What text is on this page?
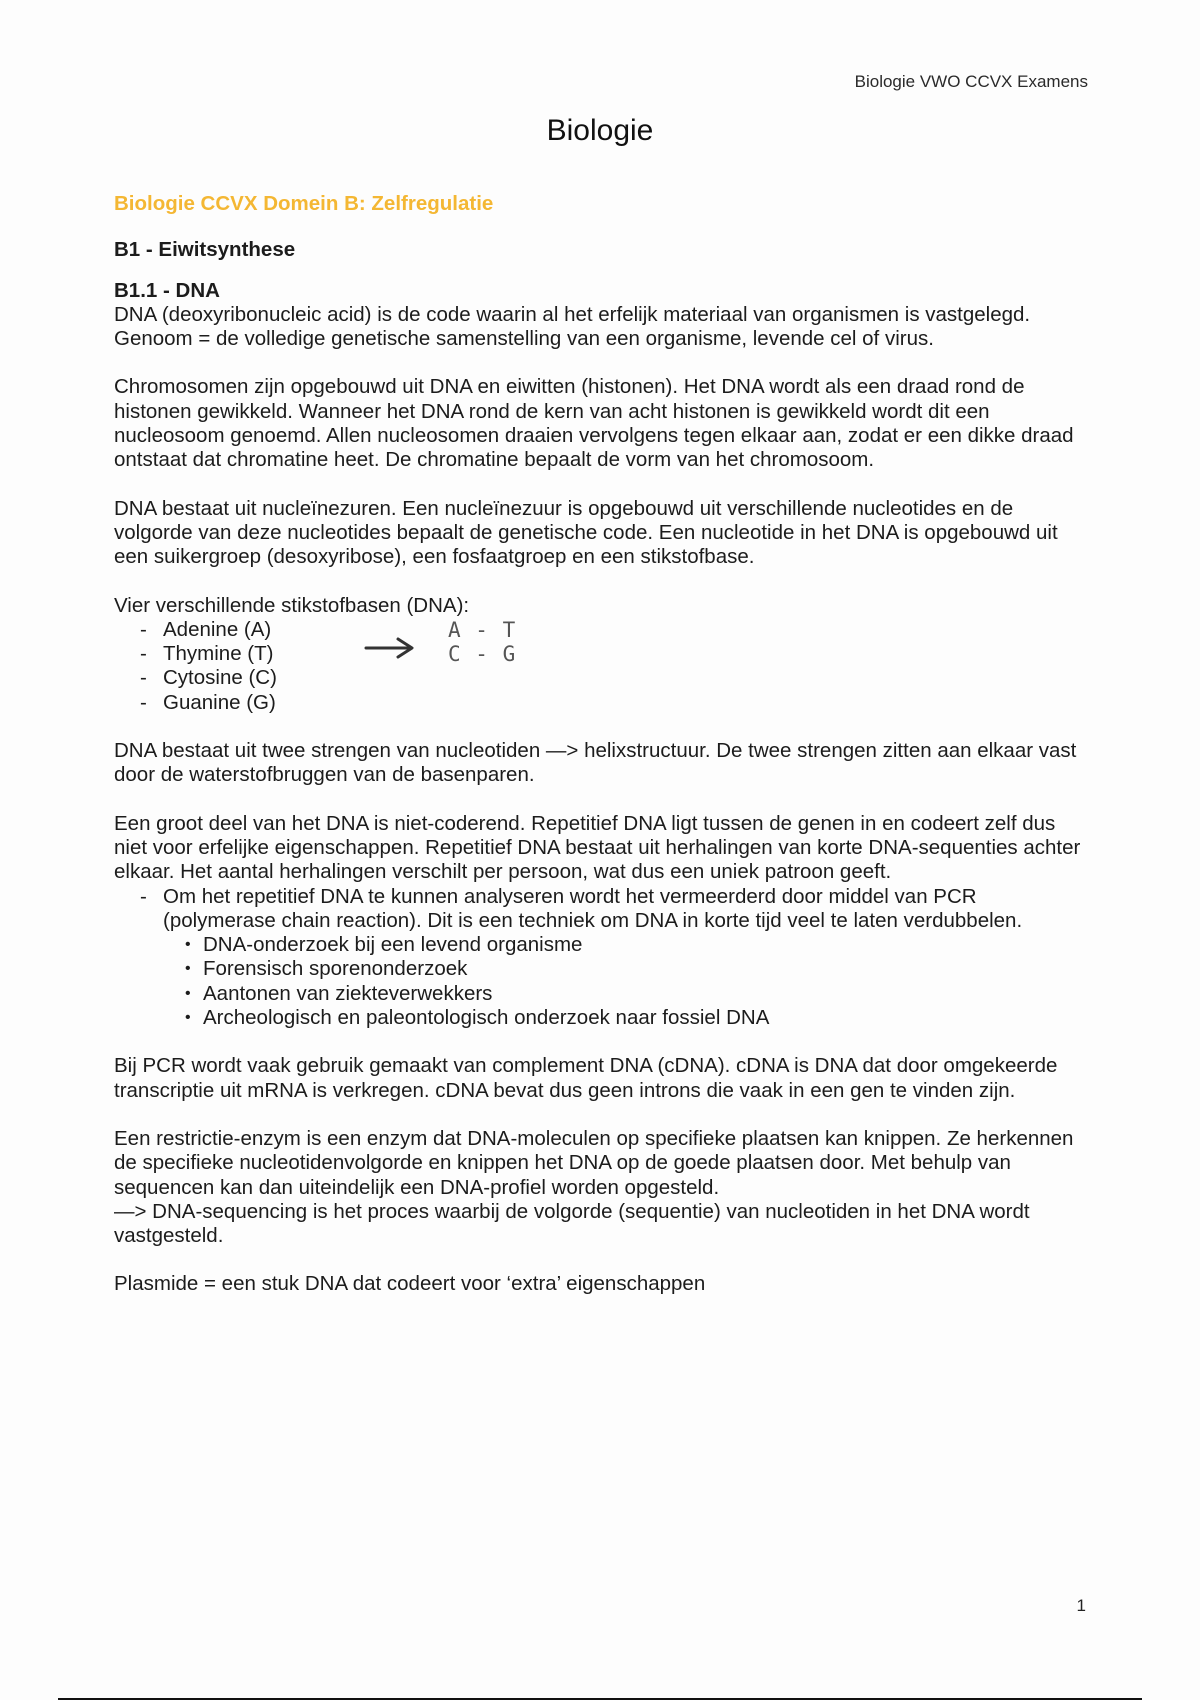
Biologie VWO CCVX Examens
Biologie
Biologie CCVX Domein B: Zelfregulatie
B1 - Eiwitsynthese
B1.1 - DNA

DNA (deoxyribonucleic acid) is de code waarin al het erfelijk materiaal van organismen is vastgelegd.

Genoom = de volledige genetische samenstelling van een organisme, levende cel of virus.

Chromosomen zijn opgebouwd uit DNA en eiwitten (histonen). Het DNA wordt als een draad rond de histonen gewikkeld. Wanneer het DNA rond de kern van acht histonen is gewikkeld wordt dit een nucleosoom genoemd. Allen nucleosomen draaien vervolgens tegen elkaar aan, zodat er een dikke draad ontstaat dat chromatine heet. De chromatine bepaalt de vorm van het chromosoom.

DNA bestaat uit nucleïnezuren. Een nucleïnezuur is opgebouwd uit verschillende nucleotides en de volgorde van deze nucleotides bepaalt de genetische code. Een nucleotide in het DNA is opgebouwd uit een suikergroep (desoxyribose), een fosfaatgroep en een stikstofbase.

Vier verschillende stikstofbasen (DNA):

- Adenine (A)
- Thymine (T)
- Cytosine (C)
- Guanine (G)
A - T
C - G

DNA bestaat uit twee strengen van nucleotiden —> helixstructuur. De twee strengen zitten aan elkaar vast door de waterstofbruggen van de basenparen.

Een groot deel van het DNA is niet-coderend. Repetitief DNA ligt tussen de genen in en codeert zelf dus niet voor erfelijke eigenschappen. Repetitief DNA bestaat uit herhalingen van korte DNA-sequenties achter elkaar. Het aantal herhalingen verschilt per persoon, wat dus een uniek patroon geeft.

- Om het repetitief DNA te kunnen analyseren wordt het vermeerderd door middel van PCR (polymerase chain reaction). Dit is een techniek om DNA in korte tijd veel te laten verdubbelen.
• DNA-onderzoek bij een levend organisme
• Forensisch sporenonderzoek
• Aantonen van ziekteverwekkers
• Archeologisch en paleontologisch onderzoek naar fossiel DNA

Bij PCR wordt vaak gebruik gemaakt van complement DNA (cDNA). cDNA is DNA dat door omgekeerde transcriptie uit mRNA is verkregen. cDNA bevat dus geen introns die vaak in een gen te vinden zijn.

Een restrictie-enzym is een enzym dat DNA-moleculen op specifieke plaatsen kan knippen. Ze herkennen de specifieke nucleotidenvolgorde en knippen het DNA op de goede plaatsen door. Met behulp van sequencen kan dan uiteindelijk een DNA-profiel worden opgesteld.

—> DNA-sequencing is het proces waarbij de volgorde (sequentie) van nucleotiden in het DNA wordt vastgesteld.

Plasmide = een stuk DNA dat codeert voor ‘extra’ eigenschappen

1
